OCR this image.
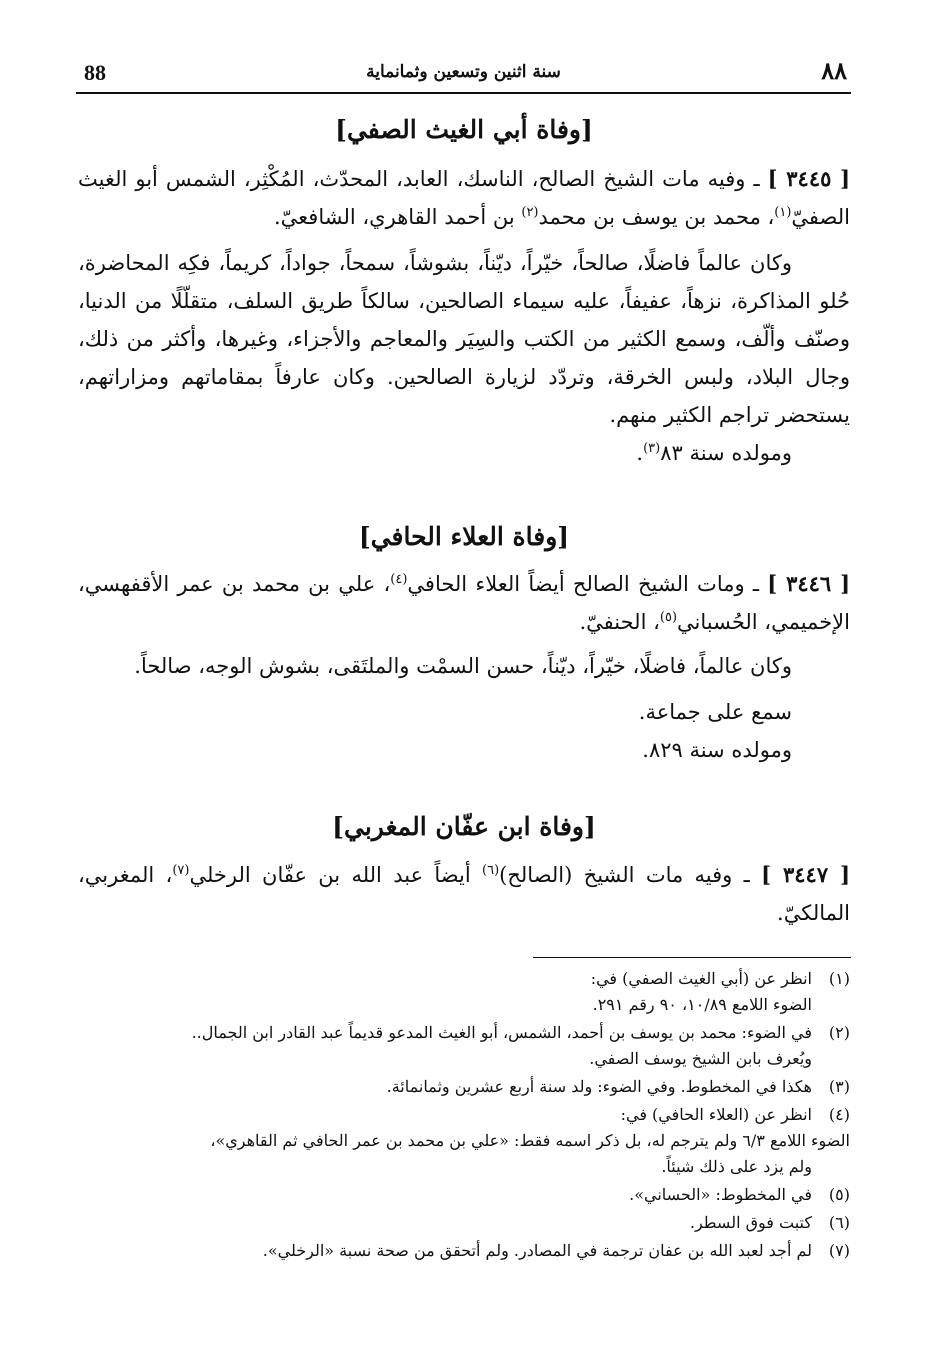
88	سنة اثنين وتسعين وثمانماية	٨٨
[وفاة أبي الغيث الصفي]

[ ٣٤٤٥ ] ـ وفيه مات الشيخ الصالح، الناسك، العابد، المحدّث، المُكْثِر، الشمس أبو الغيث الصفيّ$^{(١)}$، محمد بن يوسف بن محمد$^{(٢)}$ بن أحمد القاهري، الشافعيّ.

وكان عالماً فاضلًا، صالحاً، خيّراً، ديّناً، بشوشاً، سمحاً، جواداً، كريماً، فكِه المحاضرة، حُلو المذاكرة، نزهاً، عفيفاً، عليه سيماء الصالحين، سالكاً طريق السلف، متقلّلًا من الدنيا، وصنّف وألّف، وسمع الكثير من الكتب والسِيَر والمعاجم والأجزاء، وغيرها، وأكثر من ذلك، وجال البلاد، ولبس الخرقة، وتردّد لزيارة الصالحين. وكان عارفاً بمقاماتهم ومزاراتهم، يستحضر تراجم الكثير منهم.

ومولده سنة ٨٣$^{(٣)}$.

[وفاة العلاء الحافي]

[ ٣٤٤٦ ] ـ ومات الشيخ الصالح أيضاً العلاء الحافي$^{(٤)}$، علي بن محمد بن عمر الأقفهسي، الإخميمي، الحُسباني$^{(٥)}$، الحنفيّ.

وكان عالماً، فاضلًا، خيّراً، ديّناً، حسن السمْت والملتَقى، بشوش الوجه، صالحاً.

سمع على جماعة.

ومولده سنة ٨٢٩.

[وفاة ابن عفّان المغربي]

[ ٣٤٤٧ ] ـ وفيه مات الشيخ (الصالح)$^{(٦)}$ أيضاً عبد الله بن عفّان الرخلي$^{(٧)}$، المغربي، المالكيّ.

(١)
انظر عن (أبي الغيث الصفي) في:
الضوء اللامع ١٠/٨٩، ٩٠ رقم ٢٩١.
(٢)
في الضوء: محمد بن يوسف بن أحمد، الشمس، أبو الغيث المدعو قديماً عبد القادر ابن الجمال..
ويُعرف بابن الشيخ يوسف الصفي.
(٣)
هكذا في المخطوط. وفي الضوء: ولد سنة أربع عشرين وثمانمائة.
(٤)
انظر عن (العلاء الحافي) في:
الضوء اللامع ٦/٣ ولم يترجم له، بل ذكر اسمه فقط: «علي بن محمد بن عمر الحافي ثم القاهري»،
ولم يزد على ذلك شيئاً.
(٥)
في المخطوط: «الحساني».
(٦)
كتبت فوق السطر.
(٧)
لم أجد لعبد الله بن عفان ترجمة في المصادر. ولم أتحقق من صحة نسبة «الرخلي».
